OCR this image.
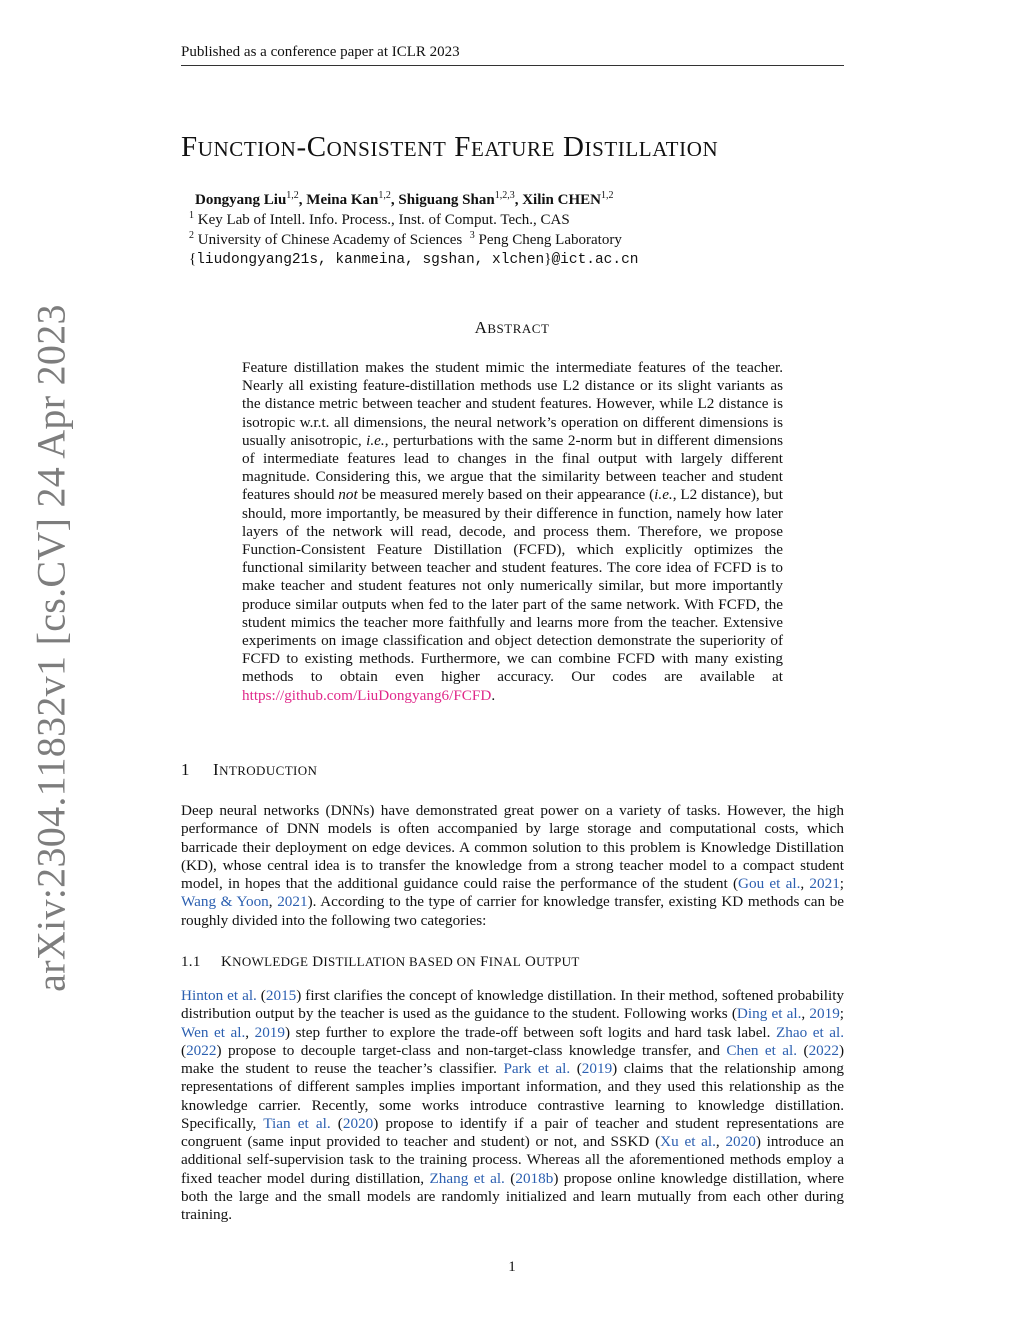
Published as a conference paper at ICLR 2023
arXiv:2304.11832v1 [cs.CV] 24 Apr 2023
FUNCTION-CONSISTENT FEATURE DISTILLATION
Dongyang Liu$^{1,2}$, Meina Kan$^{1,2}$, Shiguang Shan$^{1,2,3}$, Xilin CHEN$^{1,2}$
$^1$ Key Lab of Intell. Info. Process., Inst. of Comput. Tech., CAS
$^2$ University of Chinese Academy of Sciences $^3$ Peng Cheng Laboratory
{liudongyang21s, kanmeina, sgshan, xlchen}@ict.ac.cn
ABSTRACT
Feature distillation makes the student mimic the intermediate features of the teacher. Nearly all existing feature-distillation methods use L2 distance or its slight variants as the distance metric between teacher and student features. However, while L2 distance is isotropic w.r.t. all dimensions, the neural network’s operation on different dimensions is usually anisotropic, i.e., perturbations with the same 2-norm but in different dimensions of intermediate features lead to changes in the final output with largely different magnitude. Considering this, we argue that the similarity between teacher and student features should not be measured merely based on their appearance (i.e., L2 distance), but should, more importantly, be measured by their difference in function, namely how later layers of the network will read, decode, and process them. Therefore, we propose Function-Consistent Feature Distillation (FCFD), which explicitly optimizes the functional similarity between teacher and student features. The core idea of FCFD is to make teacher and student features not only numerically similar, but more importantly produce similar outputs when fed to the later part of the same network. With FCFD, the student mimics the teacher more faithfully and learns more from the teacher. Extensive experiments on image classification and object detection demonstrate the superiority of FCFD to existing methods. Furthermore, we can combine FCFD with many existing methods to obtain even higher accuracy. Our codes are available at https://github.com/LiuDongyang6/FCFD.
1 INTRODUCTION
Deep neural networks (DNNs) have demonstrated great power on a variety of tasks. However, the high performance of DNN models is often accompanied by large storage and computational costs, which barricade their deployment on edge devices. A common solution to this problem is Knowledge Distillation (KD), whose central idea is to transfer the knowledge from a strong teacher model to a compact student model, in hopes that the additional guidance could raise the performance of the student (Gou et al., 2021; Wang & Yoon, 2021). According to the type of carrier for knowledge transfer, existing KD methods can be roughly divided into the following two categories:
1.1 KNOWLEDGE DISTILLATION BASED ON FINAL OUTPUT
Hinton et al. (2015) first clarifies the concept of knowledge distillation. In their method, softened probability distribution output by the teacher is used as the guidance to the student. Following works (Ding et al., 2019; Wen et al., 2019) step further to explore the trade-off between soft logits and hard task label. Zhao et al. (2022) propose to decouple target-class and non-target-class knowledge transfer, and Chen et al. (2022) make the student to reuse the teacher’s classifier. Park et al. (2019) claims that the relationship among representations of different samples implies important information, and they used this relationship as the knowledge carrier. Recently, some works introduce contrastive learning to knowledge distillation. Specifically, Tian et al. (2020) propose to identify if a pair of teacher and student representations are congruent (same input provided to teacher and student) or not, and SSKD (Xu et al., 2020) introduce an additional self-supervision task to the training process. Whereas all the aforementioned methods employ a fixed teacher model during distillation, Zhang et al. (2018b) propose online knowledge distillation, where both the large and the small models are randomly initialized and learn mutually from each other during training.
1
